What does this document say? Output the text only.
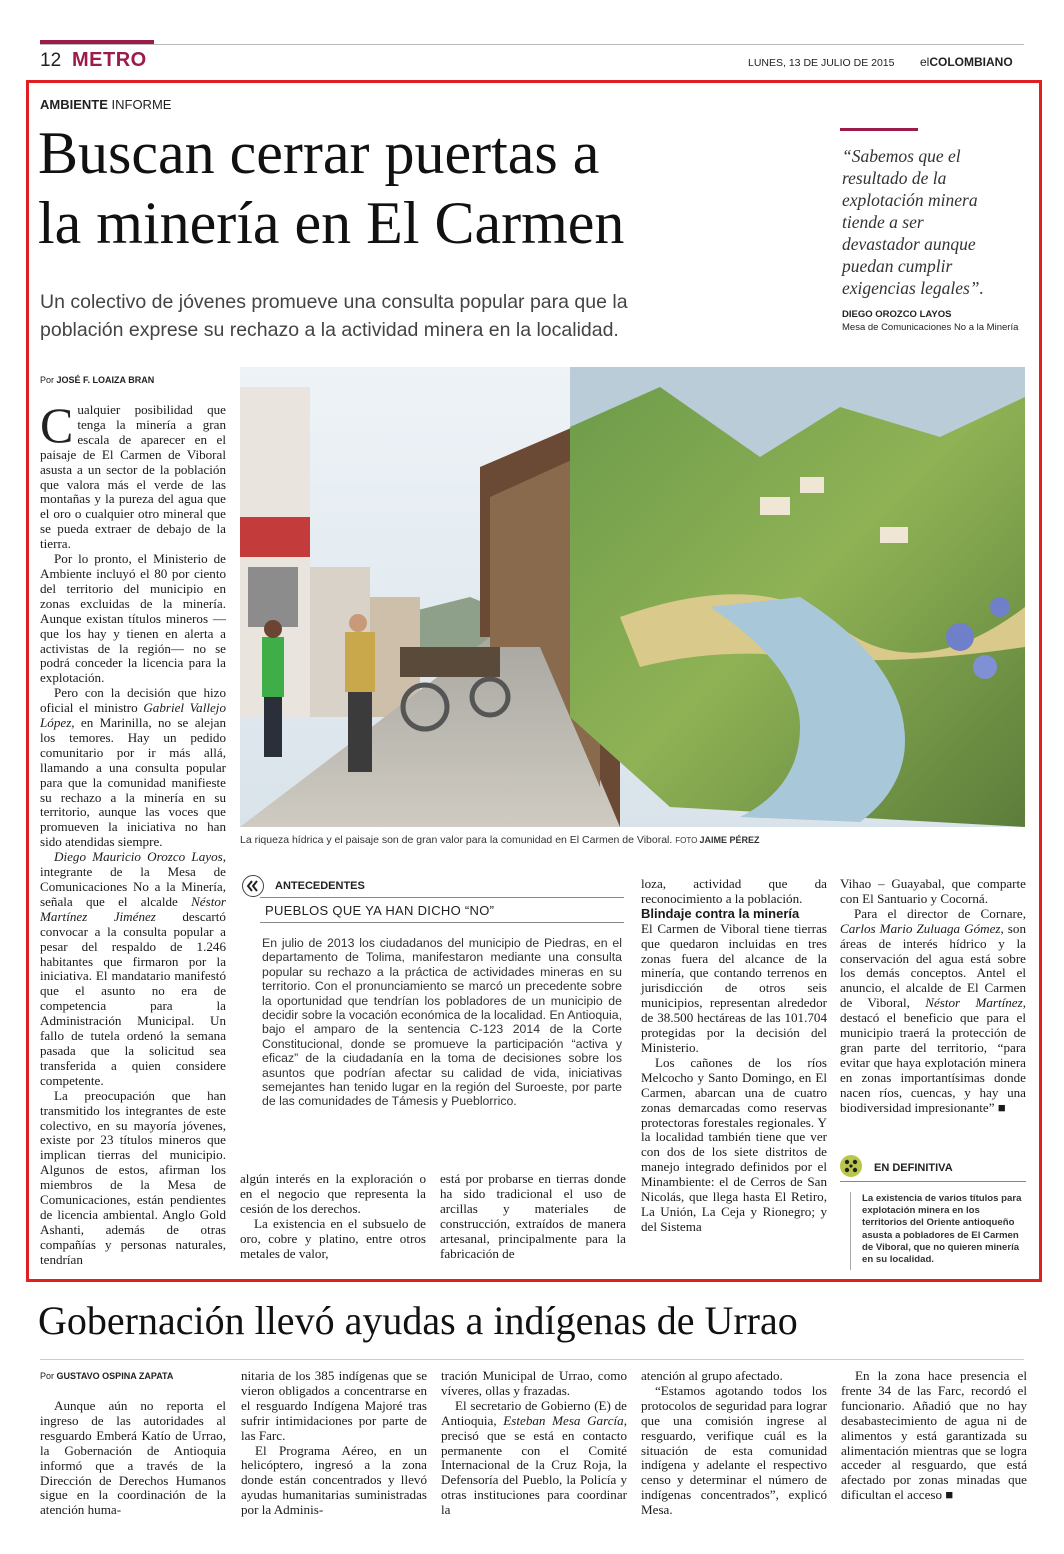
12 METRO	LUNES, 13 DE JULIO DE 2015 elCOLOMBIANO
AMBIENTE INFORME
Buscan cerrar puertas a
la minería en El Carmen
Un colectivo de jóvenes promueve una consulta popular para que la
población exprese su rechazo a la actividad minera en la localidad.
“Sabemos que el
resultado de la
explotación minera
tiende a ser
devastador aunque
puedan cumplir
exigencias legales”.
DIEGO OROZCO LAYOS
Mesa de Comunicaciones No a la Minería
Por JOSÉ F. LOAIZA BRAN
La riqueza hídrica y el paisaje son de gran valor para la comunidad en El Carmen de Viboral. FOTO JAIME PÉREZ

Cualquier posibilidad que tenga la minería a gran escala de aparecer en el paisaje de El Carmen de Viboral asusta a un sector de la población que valora más el verde de las montañas y la pureza del agua que el oro o cualquier otro mineral que se pueda extraer de debajo de la tierra.

Por lo pronto, el Ministerio de Ambiente incluyó el 80 por ciento del territorio del municipio en zonas excluidas de la minería. Aunque existan títulos mineros —que los hay y tienen en alerta a activistas de la región— no se podrá conceder la licencia para la explotación.

Pero con la decisión que hizo oficial el ministro Gabriel Vallejo López, en Marinilla, no se alejan los temores. Hay un pedido comunitario por ir más allá, llamando a una consulta popular para que la comunidad manifieste su rechazo a la minería en su territorio, aunque las voces que promueven la iniciativa no han sido atendidas siempre.

Diego Mauricio Orozco Layos, integrante de la Mesa de Comunicaciones No a la Minería, señala que el alcalde Néstor Martínez Jiménez descartó convocar a la consulta popular a pesar del respaldo de 1.246 habitantes que firmaron por la iniciativa. El mandatario manifestó que el asunto no era de competencia para la Administración Municipal. Un fallo de tutela ordenó la semana pasada que la solicitud sea transferida a quien considere competente.

La preocupación que han transmitido los integrantes de este colectivo, en su mayoría jóvenes, existe por 23 títulos mineros que implican tierras del municipio. Algunos de estos, afirman los miembros de la Mesa de Comunicaciones, están pendientes de licencia ambiental. Anglo Gold Ashanti, además de otras compañías y personas naturales, tendrían

ANTECEDENTES
PUEBLOS QUE YA HAN DICHO “NO”
En julio de 2013 los ciudadanos del municipio de Piedras, en el departamento de Tolima, manifestaron mediante una consulta popular su rechazo a la práctica de actividades mineras en su territorio. Con el pronunciamiento se marcó un precedente sobre la oportunidad que tendrían los pobladores de un municipio de decidir sobre la vocación económica de la localidad. En Antioquia, bajo el amparo de la sentencia C-123 2014 de la Corte Constitucional, donde se promueve la participación “activa y eficaz” de la ciudadanía en la toma de decisiones sobre los asuntos que podrían afectar su calidad de vida, iniciativas semejantes han tenido lugar en la región del Suroeste, por parte de las comunidades de Támesis y Pueblorrico.

algún interés en la exploración o en el negocio que representa la cesión de los derechos.

La existencia en el subsuelo de oro, cobre y platino, entre otros metales de valor,

está por probarse en tierras donde ha sido tradicional el uso de arcillas y materiales de construcción, extraídos de manera artesanal, principalmente para la fabricación de

loza, actividad que da reconocimiento a la población.

Blindaje contra la minería

El Carmen de Viboral tiene tierras que quedaron incluidas en tres zonas fuera del alcance de la minería, que contando terrenos en jurisdicción de otros seis municipios, representan alrededor de 38.500 hectáreas de las 101.704 protegidas por la decisión del Ministerio.

Los cañones de los ríos Melcocho y Santo Domingo, en El Carmen, abarcan una de cuatro zonas demarcadas como reservas protectoras forestales regionales. Y la localidad también tiene que ver con dos de los siete distritos de manejo integrado definidos por el Minambiente: el de Cerros de San Nicolás, que llega hasta El Retiro, La Unión, La Ceja y Rionegro; y del Sistema

Vihao – Guayabal, que comparte con El Santuario y Cocorná.

Para el director de Cornare, Carlos Mario Zuluaga Gómez, son áreas de interés hídrico y la conservación del agua está sobre los demás conceptos. Antel el anuncio, el alcalde de El Carmen de Viboral, Néstor Martínez, destacó el beneficio que para el municipio traerá la protección de gran parte del territorio, “para evitar que haya explotación minera en zonas importantísimas donde nacen ríos, cuencas, y hay una biodiversidad impresionante” ■

EN DEFINITIVA
La existencia de varios títulos para explotación minera en los territorios del Oriente antioqueño asusta a pobladores de El Carmen de Viboral, que no quieren minería en su localidad.
Gobernación llevó ayudas a indígenas de Urrao
Por GUSTAVO OSPINA ZAPATA

Aunque aún no reporta el ingreso de las autoridades al resguardo Emberá Katío de Urrao, la Gobernación de Antioquia informó que a través de la Dirección de Derechos Humanos sigue en la coordinación de la atención huma-

nitaria de los 385 indígenas que se vieron obligados a concentrarse en el resguardo Indígena Majoré tras sufrir intimidaciones por parte de las Farc.

El Programa Aéreo, en un helicóptero, ingresó a la zona donde están concentrados y llevó ayudas humanitarias suministradas por la Adminis-

tración Municipal de Urrao, como víveres, ollas y frazadas.

El secretario de Gobierno (E) de Antioquia, Esteban Mesa García, precisó que se está en contacto permanente con el Comité Internacional de la Cruz Roja, la Defensoría del Pueblo, la Policía y otras instituciones para coordinar la

atención al grupo afectado.

“Estamos agotando todos los protocolos de seguridad para lograr que una comisión ingrese al resguardo, verifique cuál es la situación de esta comunidad indígena y adelante el respectivo censo y determinar el número de indígenas concentrados”, explicó Mesa.

En la zona hace presencia el frente 34 de las Farc, recordó el funcionario. Añadió que no hay desabastecimiento de agua ni de alimentos y está garantizada su alimentación mientras que se logra acceder al resguardo, que está afectado por zonas minadas que dificultan el acceso ■
